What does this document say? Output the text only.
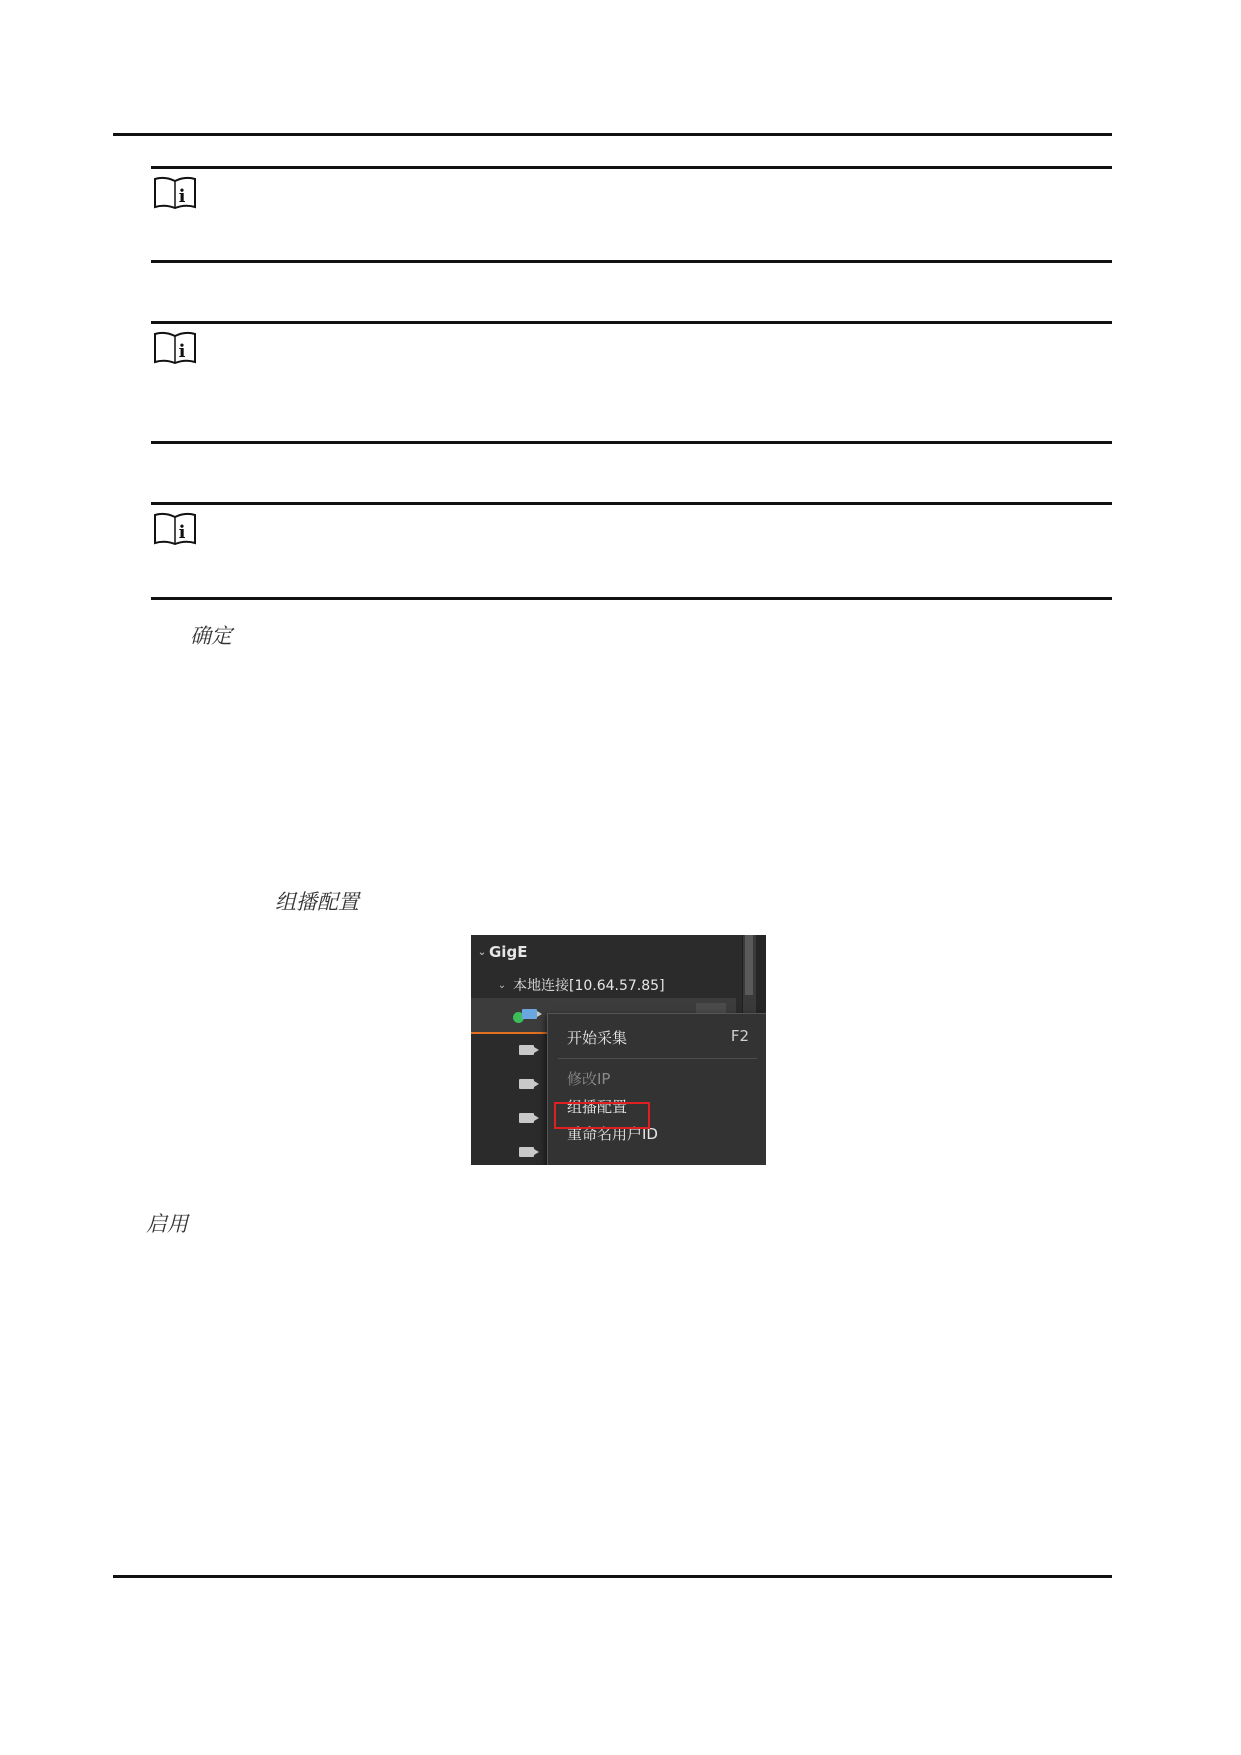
i
i
i
确定
组播配置
启用
⌄ GigE
⌄ 本地连接[10.64.57.85]
开始采集	F2
修改IP
组播配置
重命名用户ID
